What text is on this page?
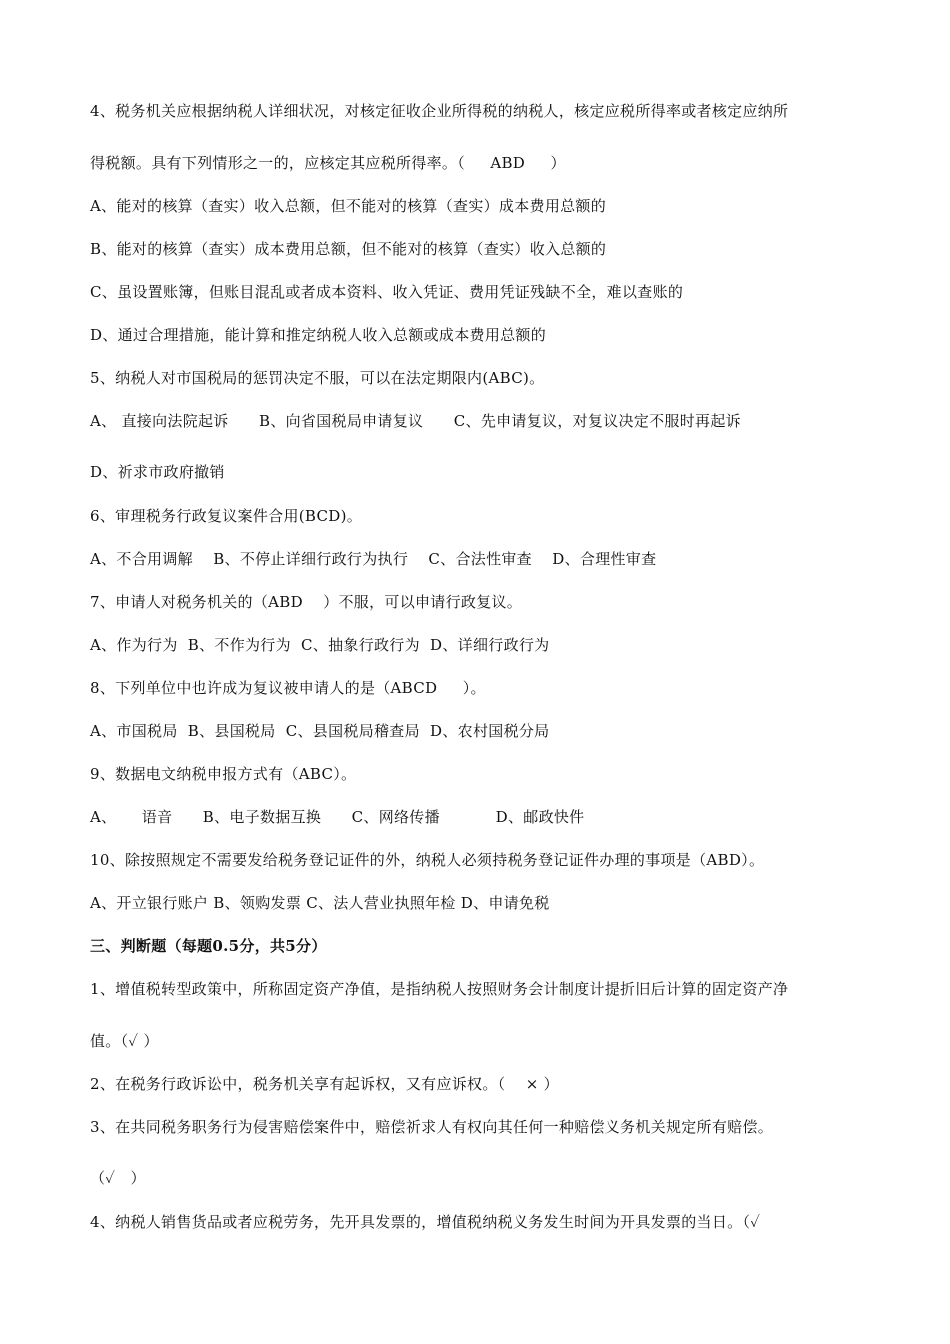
4、税务机关应根据纳税人详细状况，对核定征收企业所得税的纳税人，核定应税所得率或者核定应纳所

得税额。具有下列情形之一的，应核定其应税所得率。（     ABD     ）

A、能对的核算（查实）收入总额，但不能对的核算（查实）成本费用总额的

B、能对的核算（查实）成本费用总额，但不能对的核算（查实）收入总额的

C、虽设置账簿，但账目混乱或者成本资料、收入凭证、费用凭证残缺不全，难以查账的

D、通过合理措施，能计算和推定纳税人收入总额或成本费用总额的

5、纳税人对市国税局的惩罚决定不服，可以在法定期限内(ABC)。

A、 直接向法院起诉      B、向省国税局申请复议      C、先申请复议，对复议决定不服时再起诉

D、祈求市政府撤销

6、审理税务行政复议案件合用(BCD)。

A、不合用调解    B、不停止详细行政行为执行    C、合法性审查    D、合理性审查

7、申请人对税务机关的（ABD    ）不服，可以申请行政复议。

A、作为行为  B、不作为行为  C、抽象行政行为  D、详细行政行为

8、下列单位中也许成为复议被申请人的是（ABCD     ）。

A、市国税局  B、县国税局  C、县国税局稽查局  D、农村国税分局

9、数据电文纳税申报方式有（ABC）。

A、     语音      B、电子数据互换      C、网络传播           D、邮政快件

10、除按照规定不需要发给税务登记证件的外，纳税人必须持税务登记证件办理的事项是（ABD）。

A、开立银行账户 B、领购发票 C、法人营业执照年检 D、申请免税

三、判断题（每题0.5分，共5分）

1、增值税转型政策中，所称固定资产净值，是指纳税人按照财务会计制度计提折旧后计算的固定资产净

值。（✓ ）

2、在税务行政诉讼中，税务机关享有起诉权，又有应诉权。（    × ）

3、在共同税务职务行为侵害赔偿案件中，赔偿祈求人有权向其任何一种赔偿义务机关规定所有赔偿。

（✓   ）

4、纳税人销售货品或者应税劳务，先开具发票的，增值税纳税义务发生时间为开具发票的当日。（✓
